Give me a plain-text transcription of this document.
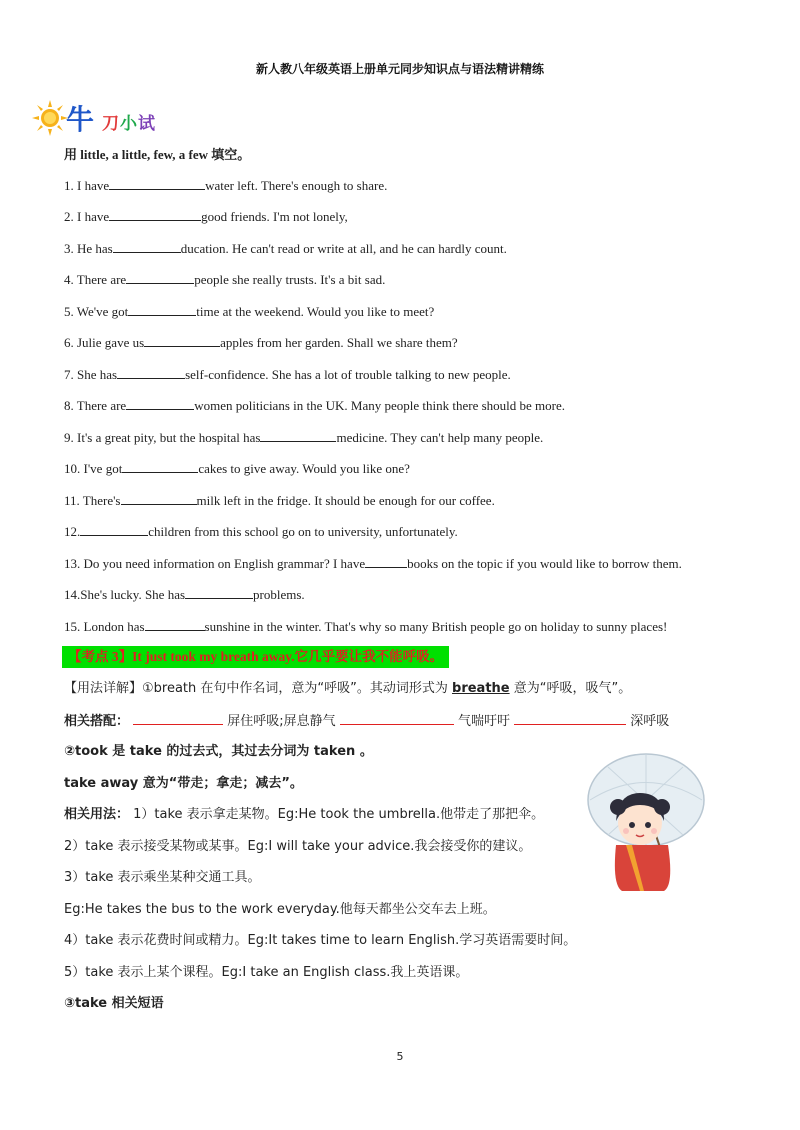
新人教八年级英语上册单元同步知识点与语法精讲精练
牛 刀 小 试
用 little, a little, few, a few 填空。
1. I have	water left. There's enough to share.
2. I have	good friends. I'm not lonely,
3. He has	ducation. He can't read or write at all, and he can hardly count.
4. There are	people she really trusts. It's a bit sad.
5. We've got	time at the weekend. Would you like to meet?
6. Julie gave us	apples from her garden. Shall we share them?
7. She has	self-confidence. She has a lot of trouble talking to new people.
8. There are	women politicians in the UK. Many people think there should be more.
9. It's a great pity, but the hospital has	medicine. They can't help many people.
10. I've got	cakes to give away. Would you like one?
11. There's	milk left in the fridge. It should be enough for our coffee.
12.	children from this school go on to university, unfortunately.
13. Do you need information on English grammar? I have	books on the topic if you would like to borrow them.
14.She's lucky. She has	problems.
15. London has	sunshine in the winter. That's why so many British people go on holiday to sunny places!
【考点 3】It just took my breath away.它几乎要让我不能呼吸。
【用法详解】①breath 在句中作名词，意为“呼吸”。其动词形式为 breathe 意为“呼吸，吸气”。
相关搭配：	屏住呼吸;屏息静气	气喘吁吁	深呼吸
②took 是 take 的过去式，其过去分词为 taken 。
take away 意为“带走；拿走；减去”。
相关用法： 1）take 表示拿走某物。Eg:He took the umbrella.他带走了那把伞。
2）take 表示接受某物或某事。Eg:I will take your advice.我会接受你的建议。
3）take 表示乘坐某种交通工具。
Eg:He takes the bus to the work everyday.他每天都坐公交车去上班。
4）take 表示花费时间或精力。Eg:It takes time to learn English.学习英语需要时间。
5）take 表示上某个课程。Eg:I take an English class.我上英语课。
③take 相关短语
5
